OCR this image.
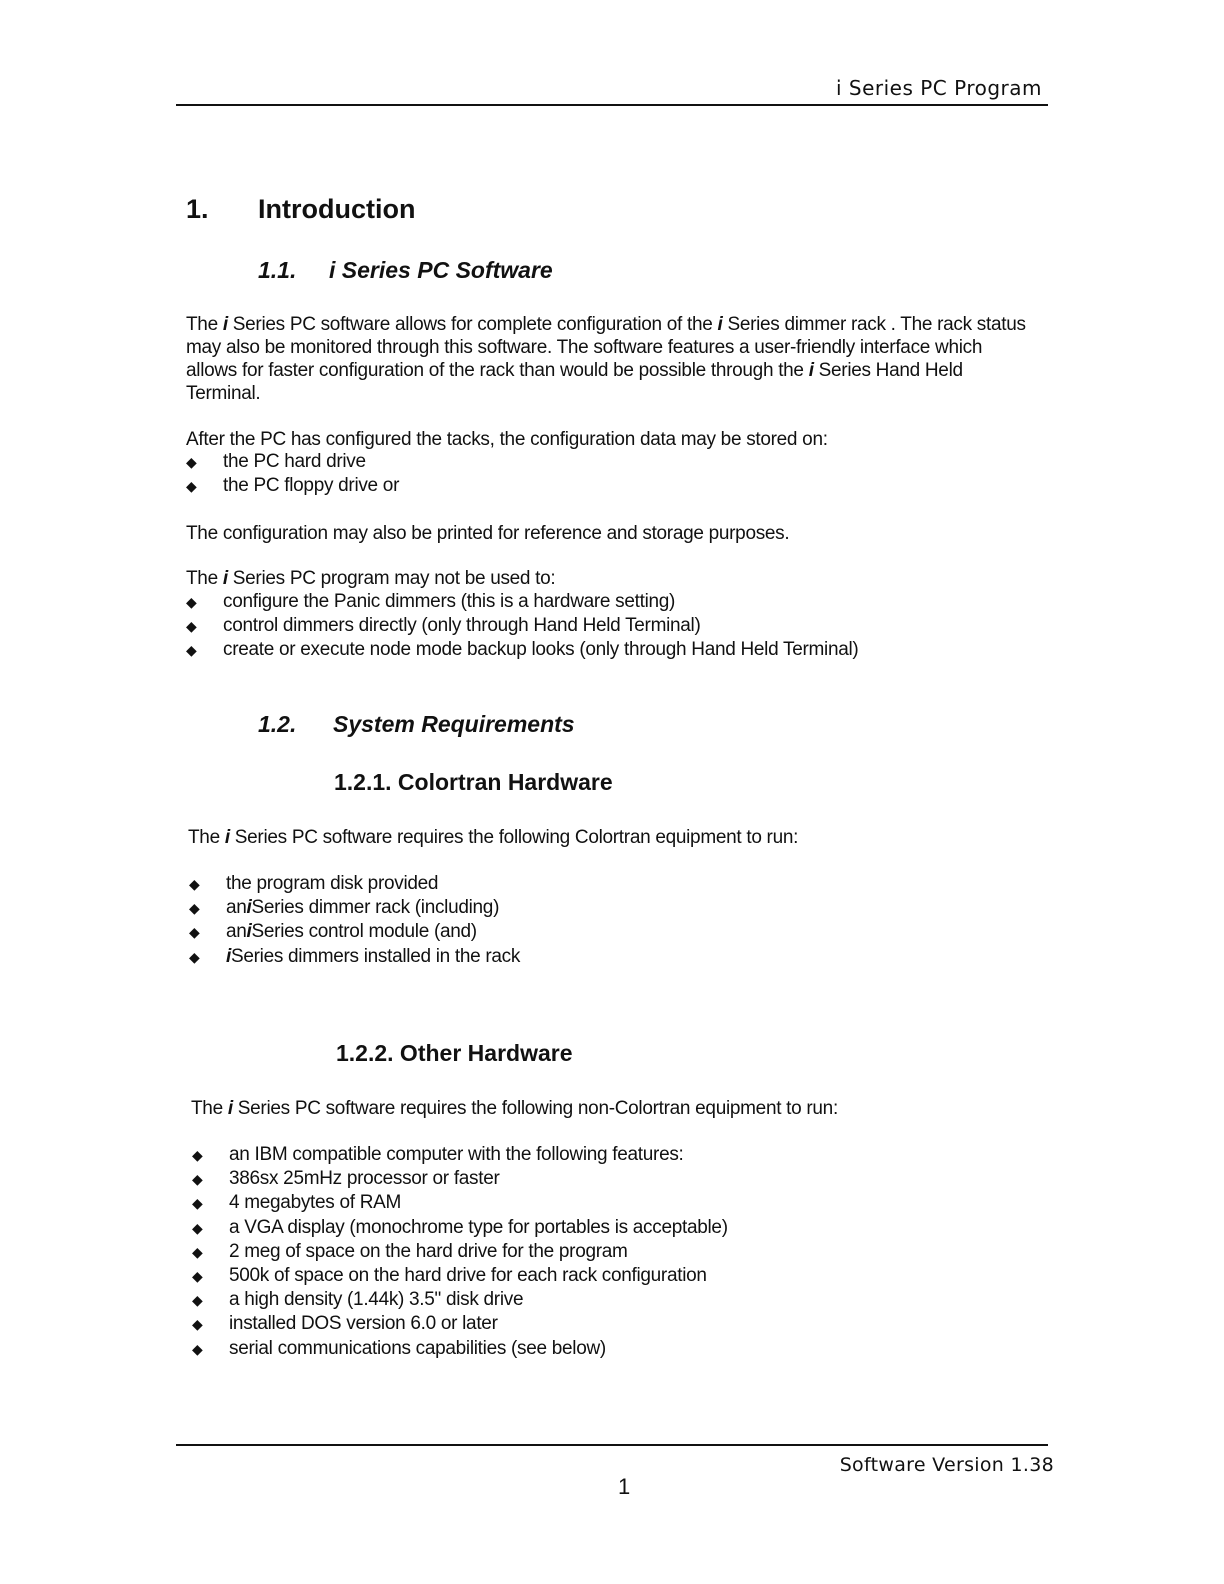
i Series PC Program
1. Introduction
1.1. i Series PC Software
The i Series PC software allows for complete configuration of the i Series dimmer rack . The rack status may also be monitored through this software. The software features a user-friendly interface which allows for faster configuration of the rack than would be possible through the i Series Hand Held Terminal.
After the PC has configured the tacks, the configuration data may be stored on:
◆	the PC hard drive
◆	the PC floppy drive or
The configuration may also be printed for reference and storage purposes.
The i Series PC program may not be used to:
◆	configure the Panic dimmers (this is a hardware setting)
◆	control dimmers directly (only through Hand Held Terminal)
◆	create or execute node mode backup looks (only through Hand Held Terminal)
1.2. System Requirements
1.2.1. Colortran Hardware
The i Series PC software requires the following Colortran equipment to run:
◆	the program disk provided
◆	an i Series dimmer rack (including)
◆	an i Series control module (and)
◆	i Series dimmers installed in the rack
1.2.2. Other Hardware
The i Series PC software requires the following non-Colortran equipment to run:
◆	an IBM compatible computer with the following features:
◆	386sx 25mHz processor or faster
◆	4 megabytes of RAM
◆	a VGA display (monochrome type for portables is acceptable)
◆	2 meg of space on the hard drive for the program
◆	500k of space on the hard drive for each rack configuration
◆	a high density (1.44k) 3.5" disk drive
◆	installed DOS version 6.0 or later
◆	serial communications capabilities (see below)
Software Version 1.38
1
